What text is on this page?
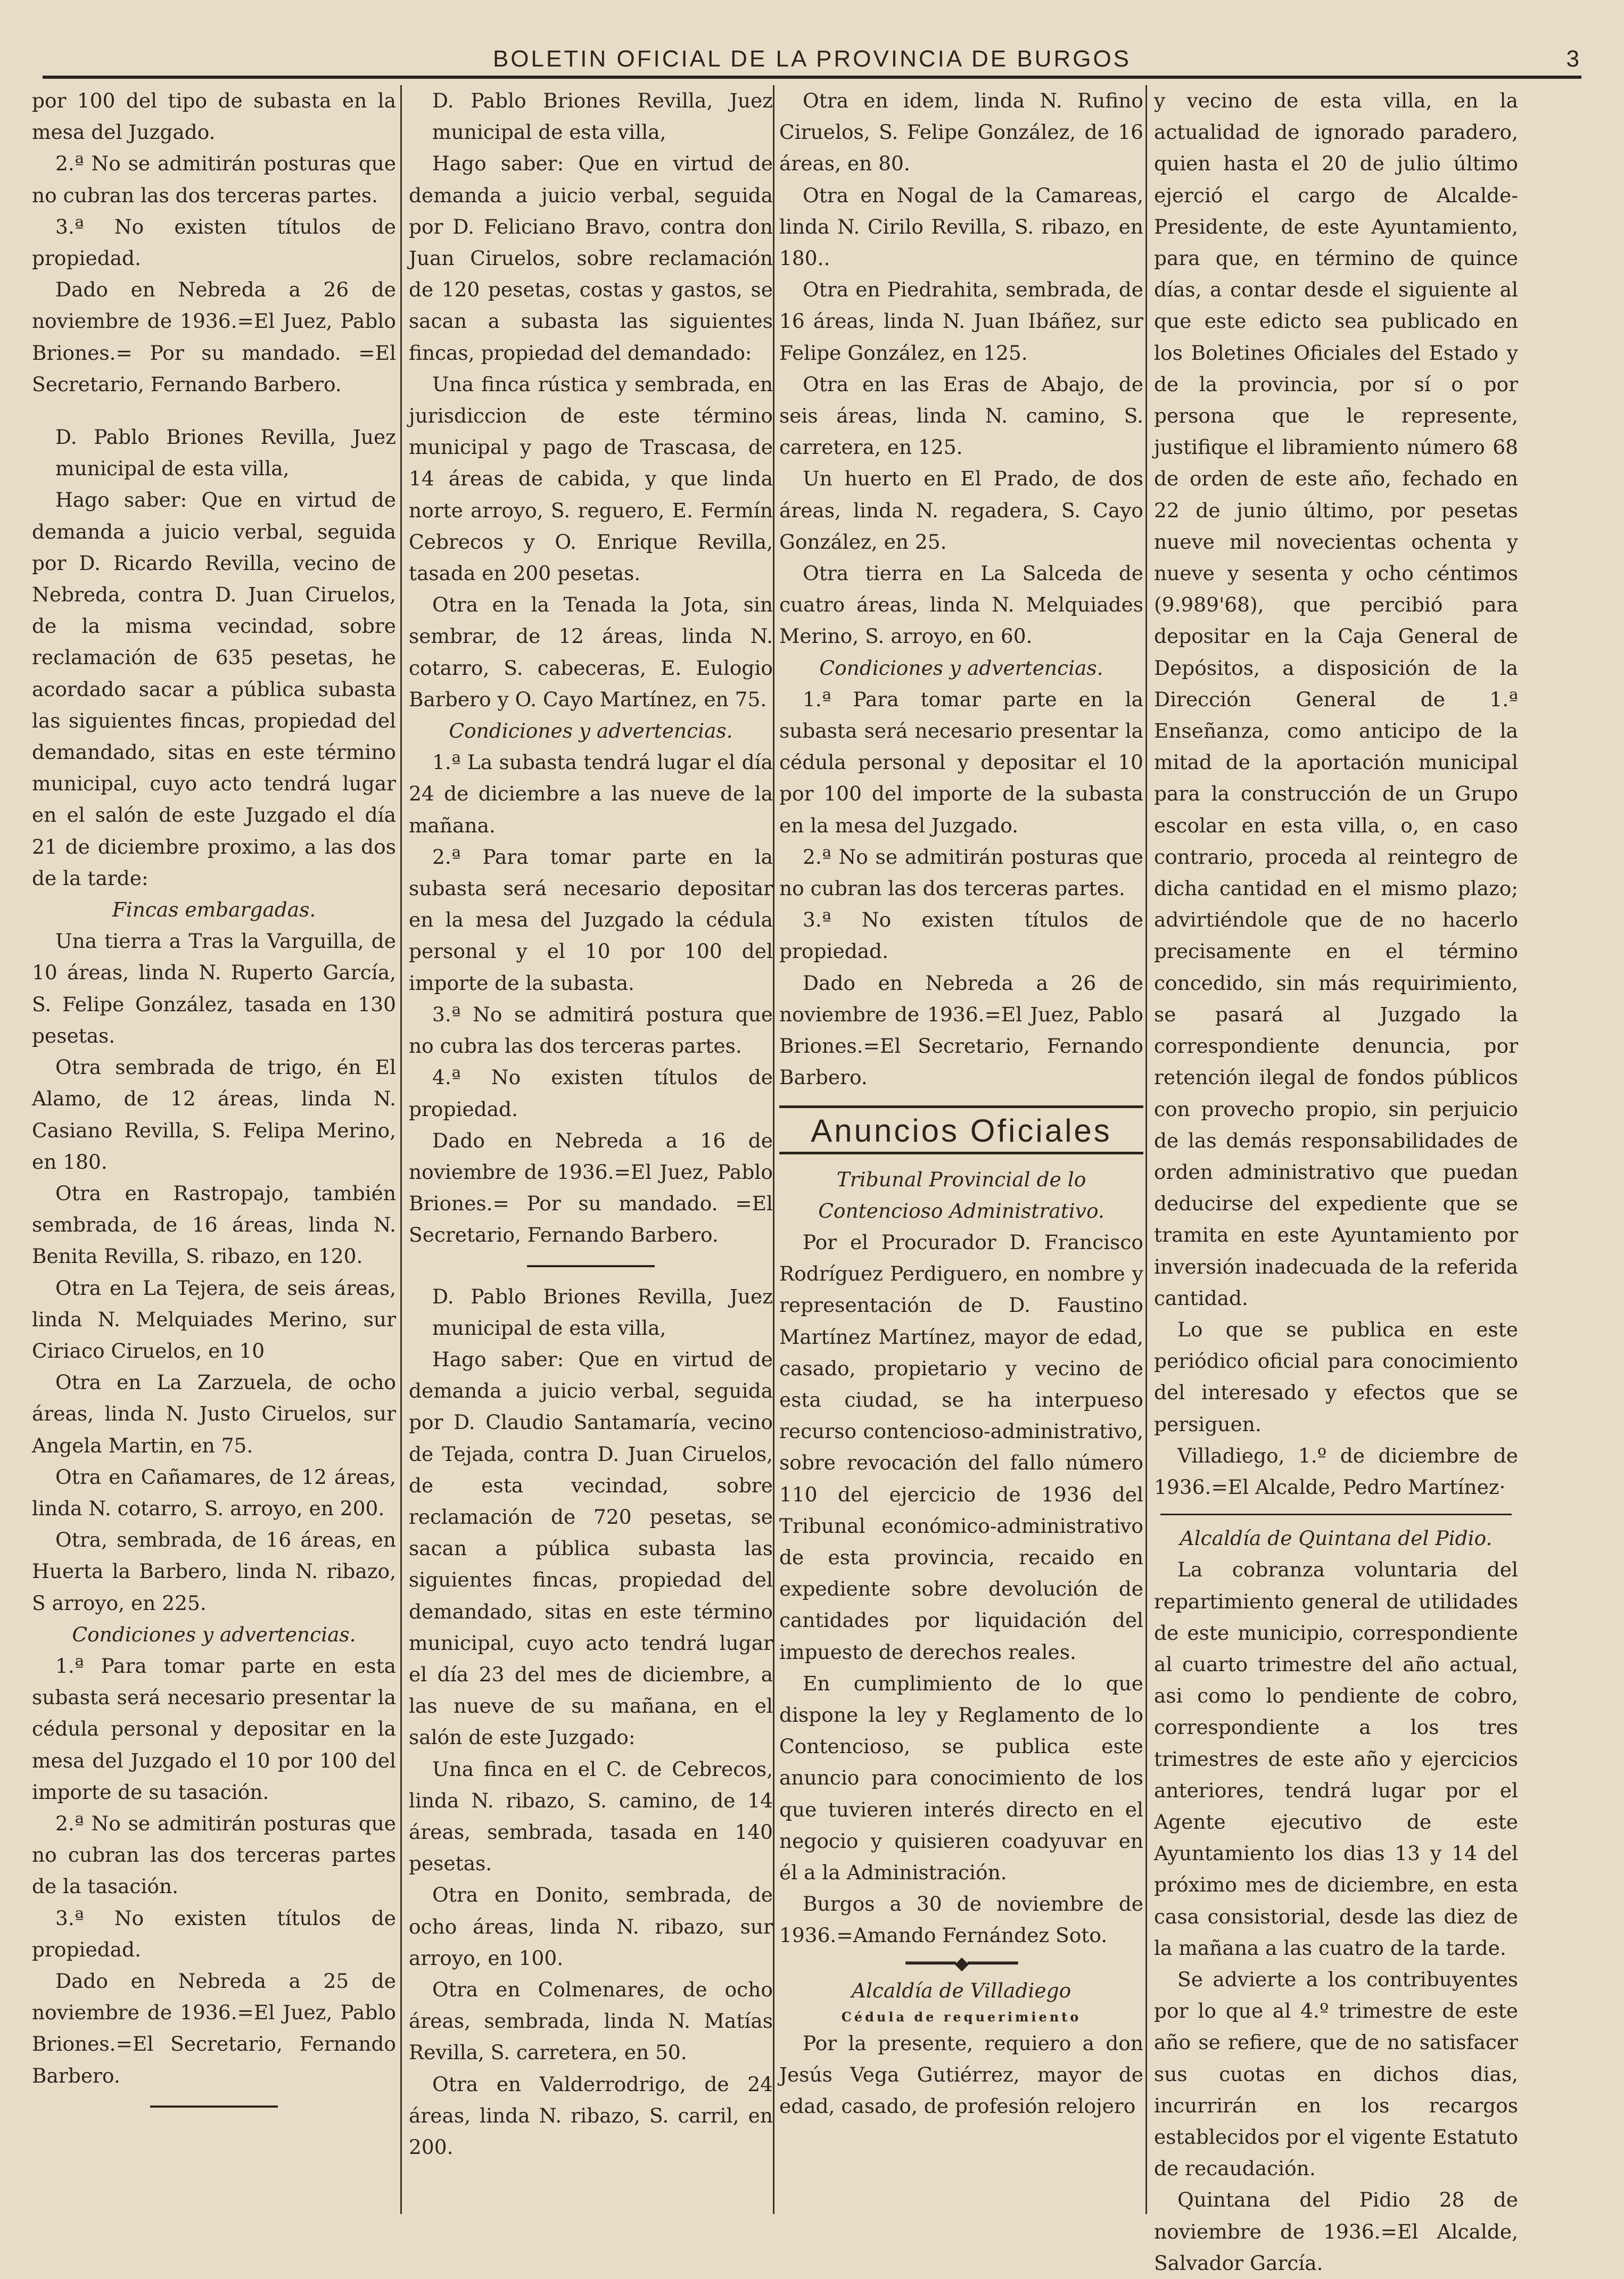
BOLETIN OFICIAL DE LA PROVINCIA DE BURGOS	3

por 100 del tipo de subasta en la mesa del Juzgado.

2.ª No se admitirán posturas que no cubran las dos terceras partes.

3.ª No existen títulos de propiedad.

Dado en Nebreda a 26 de noviembre de 1936.=El Juez, Pablo Briones.= Por su mandado. =El Secretario, Fernando Barbero.

D. Pablo Briones Revilla, Juez municipal de esta villa,

Hago saber: Que en virtud de demanda a juicio verbal, seguida por D. Ricardo Revilla, vecino de Nebreda, contra D. Juan Ciruelos, de la misma vecindad, sobre reclamación de 635 pesetas, he acordado sacar a pública subasta las siguientes fincas, propiedad del demandado, sitas en este término municipal, cuyo acto tendrá lugar en el salón de este Juzgado el día 21 de diciembre proximo, a las dos de la tarde:

Fincas embargadas.

Una tierra a Tras la Varguilla, de 10 áreas, linda N. Ruperto García, S. Felipe González, tasada en 130 pesetas.

Otra sembrada de trigo, én El Alamo, de 12 áreas, linda N. Casiano Revilla, S. Felipa Merino, en 180.

Otra en Rastropajo, también sembrada, de 16 áreas, linda N. Benita Revilla, S. ribazo, en 120.

Otra en La Tejera, de seis áreas, linda N. Melquiades Merino, sur Ciriaco Ciruelos, en 10

Otra en La Zarzuela, de ocho áreas, linda N. Justo Ciruelos, sur Angela Martin, en 75.

Otra en Cañamares, de 12 áreas, linda N. cotarro, S. arroyo, en 200.

Otra, sembrada, de 16 áreas, en Huerta la Barbero, linda N. ribazo, S arroyo, en 225.

Condiciones y advertencias.

1.ª Para tomar parte en esta subasta será necesario presentar la cédula personal y depositar en la mesa del Juzgado el 10 por 100 del importe de su tasación.

2.ª No se admitirán posturas que no cubran las dos terceras partes de la tasación.

3.ª No existen títulos de propiedad.

Dado en Nebreda a 25 de noviembre de 1936.=El Juez, Pablo Briones.=El Secretario, Fernando Barbero.

D. Pablo Briones Revilla, Juez municipal de esta villa,

Hago saber: Que en virtud de demanda a juicio verbal, seguida por D. Feliciano Bravo, contra don Juan Ciruelos, sobre reclamación de 120 pesetas, costas y gastos, se sacan a subasta las siguientes fincas, propiedad del demandado:

Una finca rústica y sembrada, en jurisdiccion de este término municipal y pago de Trascasa, de 14 áreas de cabida, y que linda norte arroyo, S. reguero, E. Fermín Cebrecos y O. Enrique Revilla, tasada en 200 pesetas.

Otra en la Tenada la Jota, sin sembrar, de 12 áreas, linda N. cotarro, S. cabeceras, E. Eulogio Barbero y O. Cayo Martínez, en 75.

Condiciones y advertencias.

1.ª La subasta tendrá lugar el día 24 de diciembre a las nueve de la mañana.

2.ª Para tomar parte en la subasta será necesario depositar en la mesa del Juzgado la cédula personal y el 10 por 100 del importe de la subasta.

3.ª No se admitirá postura que no cubra las dos terceras partes.

4.ª No existen títulos de propiedad.

Dado en Nebreda a 16 de noviembre de 1936.=El Juez, Pablo Briones.= Por su mandado. =El Secretario, Fernando Barbero.

D. Pablo Briones Revilla, Juez municipal de esta villa,

Hago saber: Que en virtud de demanda a juicio verbal, seguida por D. Claudio Santamaría, vecino de Tejada, contra D. Juan Ciruelos, de esta vecindad, sobre reclamación de 720 pesetas, se sacan a pública subasta las siguientes fincas, propiedad del demandado, sitas en este término municipal, cuyo acto tendrá lugar el día 23 del mes de diciembre, a las nueve de su mañana, en el salón de este Juzgado:

Una finca en el C. de Cebrecos, linda N. ribazo, S. camino, de 14 áreas, sembrada, tasada en 140 pesetas.

Otra en Donito, sembrada, de ocho áreas, linda N. ribazo, sur arroyo, en 100.

Otra en Colmenares, de ocho áreas, sembrada, linda N. Matías Revilla, S. carretera, en 50.

Otra en Valderrodrigo, de 24 áreas, linda N. ribazo, S. carril, en 200.

Otra en idem, linda N. Rufino Ciruelos, S. Felipe González, de 16 áreas, en 80.

Otra en Nogal de la Camareas, linda N. Cirilo Revilla, S. ribazo, en 180..

Otra en Piedrahita, sembrada, de 16 áreas, linda N. Juan Ibáñez, sur Felipe González, en 125.

Otra en las Eras de Abajo, de seis áreas, linda N. camino, S. carretera, en 125.

Un huerto en El Prado, de dos áreas, linda N. regadera, S. Cayo González, en 25.

Otra tierra en La Salceda de cuatro áreas, linda N. Melquiades Merino, S. arroyo, en 60.

Condiciones y advertencias.

1.ª Para tomar parte en la subasta será necesario presentar la cédula personal y depositar el 10 por 100 del importe de la subasta en la mesa del Juzgado.

2.ª No se admitirán posturas que no cubran las dos terceras partes.

3.ª No existen títulos de propiedad.

Dado en Nebreda a 26 de noviembre de 1936.=El Juez, Pablo Briones.=El Secretario, Fernando Barbero.

Anuncios Oficiales

Tribunal Provincial de lo Contencioso Administrativo.

Por el Procurador D. Francisco Rodríguez Perdiguero, en nombre y representación de D. Faustino Martínez Martínez, mayor de edad, casado, propietario y vecino de esta ciudad, se ha interpueso recurso contencioso-administrativo, sobre revocación del fallo número 110 del ejercicio de 1936 del Tribunal económico-administrativo de esta provincia, recaido en expediente sobre devolución de cantidades por liquidación del impuesto de derechos reales.

En cumplimiento de lo que dispone la ley y Reglamento de lo Contencioso, se publica este anuncio para conocimiento de los que tuvieren interés directo en el negocio y quisieren coadyuvar en él a la Administración.

Burgos a 30 de noviembre de 1936.=Amando Fernández Soto.

━━━━━◆━━━━━

Alcaldía de Villadiego

Cédula de requerimiento

Por la presente, requiero a don Jesús Vega Gutiérrez, mayor de edad, casado, de profesión relojero

y vecino de esta villa, en la actualidad de ignorado paradero, quien hasta el 20 de julio último ejerció el cargo de Alcalde-Presidente, de este Ayuntamiento, para que, en término de quince días, a contar desde el siguiente al que este edicto sea publicado en los Boletines Oficiales del Estado y de la provincia, por sí o por persona que le represente, justifique el libramiento número 68 de orden de este año, fechado en 22 de junio último, por pesetas nueve mil novecientas ochenta y nueve y sesenta y ocho céntimos (9.989'68), que percibió para depositar en la Caja General de Depósitos, a disposición de la Dirección General de 1.ª Enseñanza, como anticipo de la mitad de la aportación municipal para la construcción de un Grupo escolar en esta villa, o, en caso contrario, proceda al reintegro de dicha cantidad en el mismo plazo; advirtiéndole que de no hacerlo precisamente en el término concedido, sin más requirimiento, se pasará al Juzgado la correspondiente denuncia, por retención ilegal de fondos públicos con provecho propio, sin perjuicio de las demás responsabilidades de orden administrativo que puedan deducirse del expediente que se tramita en este Ayuntamiento por inversión inadecuada de la referida cantidad.

Lo que se publica en este periódico oficial para conocimiento del interesado y efectos que se persiguen.

Villadiego, 1.º de diciembre de 1936.=El Alcalde, Pedro Martínez·

Alcaldía de Quintana del Pidio.

La cobranza voluntaria del repartimiento general de utilidades de este municipio, correspondiente al cuarto trimestre del año actual, asi como lo pendiente de cobro, correspondiente a los tres trimestres de este año y ejercicios anteriores, tendrá lugar por el Agente ejecutivo de este Ayuntamiento los dias 13 y 14 del próximo mes de diciembre, en esta casa consistorial, desde las diez de la mañana a las cuatro de la tarde.

Se advierte a los contribuyentes por lo que al 4.º trimestre de este año se refiere, que de no satisfacer sus cuotas en dichos dias, incurrirán en los recargos establecidos por el vigente Estatuto de recaudación.

Quintana del Pidio 28 de noviembre de 1936.=El Alcalde, Salvador García.
